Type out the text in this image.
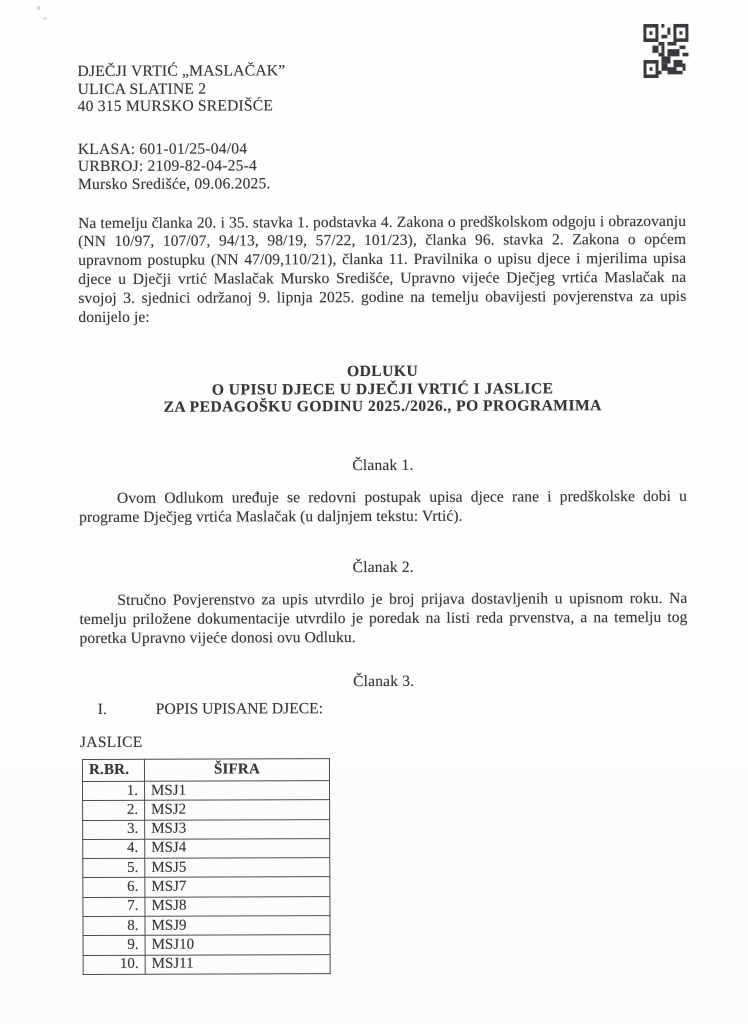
DJEČJI VRTIĆ „MASLAČAK”
ULICA SLATINE 2
40 315 MURSKO SREDIŠĆE
KLASA: 601-01/25-04/04
URBROJ: 2109-82-04-25-4
Mursko Središće, 09.06.2025.

Na temelju članka 20. i 35. stavka 1. podstavka 4. Zakona o predškolskom odgoju i obrazovanju (NN 10/97, 107/07, 94/13, 98/19, 57/22, 101/23), članka 96. stavka 2. Zakona o općem upravnom postupku (NN 47/09,110/21), članka 11. Pravilnika o upisu djece i mjerilima upisa djece u Dječji vrtić Maslačak Mursko Središće, Upravno vijeće Dječjeg vrtića Maslačak na svojoj 3. sjednici održanoj 9. lipnja 2025. godine na temelju obavijesti povjerenstva za upis donijelo je:

ODLUKU
O UPISU DJECE U DJEČJI VRTIĆ I JASLICE
ZA PEDAGOŠKU GODINU 2025./2026., PO PROGRAMIMA
Članak 1.

Ovom Odlukom uređuje se redovni postupak upisa djece rane i predškolske dobi u programe Dječjeg vrtića Maslačak (u daljnjem tekstu: Vrtić).

Članak 2.

Stručno Povjerenstvo za upis utvrdilo je broj prijava dostavljenih u upisnom roku. Na temelju priložene dokumentacije utvrdilo je poredak na listi reda prvenstva, a na temelju tog poretka Upravno vijeće donosi ovu Odluku.

Članak 3.
I.	POPIS UPISANE DJECE:
JASLICE
R.BR.	ŠIFRA
1.	MSJ1
2.	MSJ2
3.	MSJ3
4.	MSJ4
5.	MSJ5
6.	MSJ7
7.	MSJ8
8.	MSJ9
9.	MSJ10
10.	MSJ11
